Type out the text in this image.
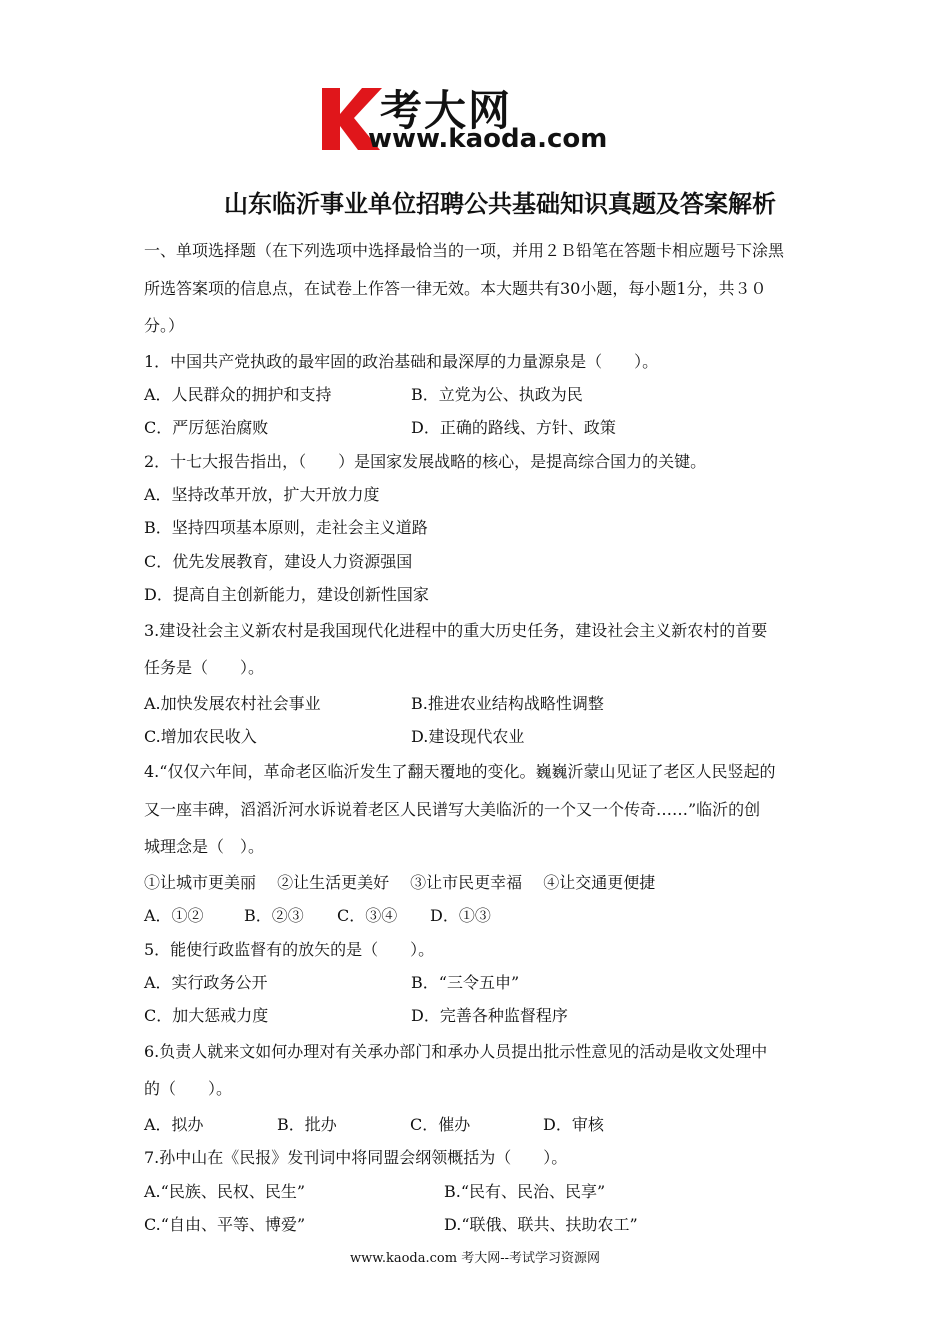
考大网
www.kaoda.com
山东临沂事业单位招聘公共基础知识真题及答案解析
一、单项选择题（在下列选项中选择最恰当的一项，并用２Ｂ铅笔在答题卡相应题号下涂黑
所选答案项的信息点，在试卷上作答一律无效。本大题共有30小题，每小题1分，共３０
分。）
1．中国共产党执政的最牢固的政治基础和最深厚的力量源泉是（　　）。
A．人民群众的拥护和支持	B．立党为公、执政为民
C．严厉惩治腐败	D．正确的路线、方针、政策
2．十七大报告指出，（　　）是国家发展战略的核心，是提高综合国力的关键。
A．坚持改革开放，扩大开放力度
B．坚持四项基本原则，走社会主义道路
C．优先发展教育，建设人力资源强国
D．提高自主创新能力，建设创新性国家
3.建设社会主义新农村是我国现代化进程中的重大历史任务，建设社会主义新农村的首要
任务是（　　）。
A.加快发展农村社会事业	B.推进农业结构战略性调整
C.增加农民收入	D.建设现代农业
4.“仅仅六年间，革命老区临沂发生了翻天覆地的变化。巍巍沂蒙山见证了老区人民竖起的
又一座丰碑，滔滔沂河水诉说着老区人民谱写大美临沂的一个又一个传奇……”临沂的创
城理念是（　）。
①让城市更美丽　 ②让生活更美好　 ③让市民更幸福　 ④让交通更便捷
A．①②	B．②③ C．③④ D．①③
5．能使行政监督有的放矢的是（　　）。
A．实行政务公开	B．“三令五申”
C．加大惩戒力度	D．完善各种监督程序
6.负责人就来文如何办理对有关承办部门和承办人员提出批示性意见的活动是收文处理中
的（　　）。
A．拟办	B．批办	C．催办	D．审核
7.孙中山在《民报》发刊词中将同盟会纲领概括为（　　）。
A.“民族、民权、民生”	B.“民有、民治、民享”
C.“自由、平等、博爱”	D.“联俄、联共、扶助农工”
www.kaoda.com 考大网--考试学习资源网
